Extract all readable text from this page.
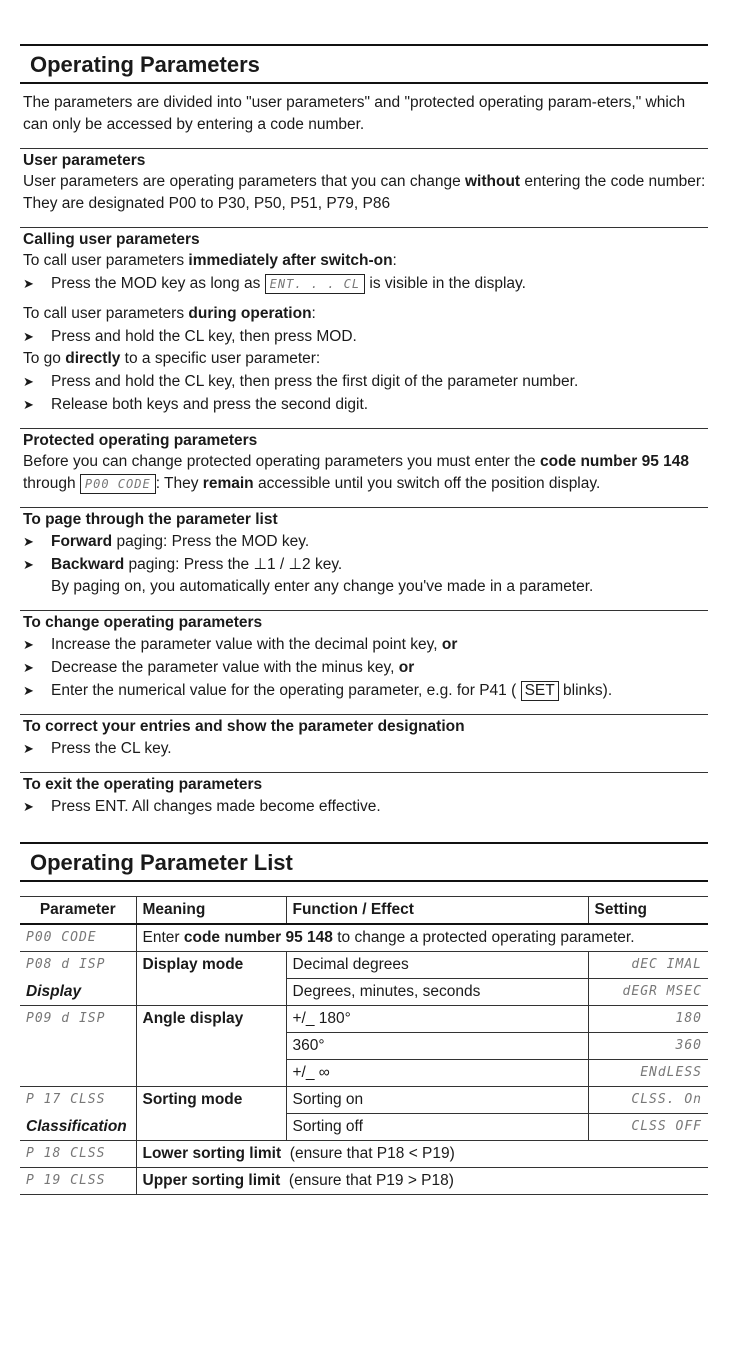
Operating Parameters

The parameters are divided into "user parameters" and "protected operating param-eters," which can only be accessed by entering a code number.

User parameters

User parameters are operating parameters that you can change without entering the code number: They are designated P00 to P30, P50, P51, P79, P86

Calling user parameters

To call user parameters immediately after switch-on:

➤	Press the MOD key as long as ENT. . . CL is visible in the display.

To call user parameters during operation:

➤	Press and hold the CL key, then press MOD.

To go directly to a specific user parameter:

➤	Press and hold the CL key, then press the first digit of the parameter number.
➤	Release both keys and press the second digit.
Protected operating parameters

Before you can change protected operating parameters you must enter the code number 95 148 through P00 CODE : They remain accessible until you switch off the position display.

To page through the parameter list
➤	Forward paging: Press the MOD key.
➤	Backward paging: Press the ⊥1 / ⊥2 key.

By paging on, you automatically enter any change you've made in a parameter.

To change operating parameters
➤	Increase the parameter value with the decimal point key, or
➤	Decrease the parameter value with the minus key, or
➤	Enter the numerical value for the operating parameter, e.g. for P41 ( SET blinks).
To correct your entries and show the parameter designation
➤	Press the CL key.
To exit the operating parameters
➤	Press ENT. All changes made become effective.
Operating Parameter List
Parameter	Meaning	Function / Effect	Setting
P00 CODE	Enter code number 95 148 to change a protected operating parameter.		
P08 d ISP	Display mode	Decimal degrees	dEC IMAL
Display		Degrees, minutes, seconds	dEGR MSEC
P09 d ISP	Angle display	+/_ 180°	180
		360°	360
		+/_ ∞	ENdLESS
P 17 CLSS	Sorting mode	Sorting on	CLSS. On
Classification		Sorting off	CLSS OFF
P 18 CLSS	Lower sorting limit (ensure that P18 < P19)		
P 19 CLSS	Upper sorting limit (ensure that P19 > P18)		
